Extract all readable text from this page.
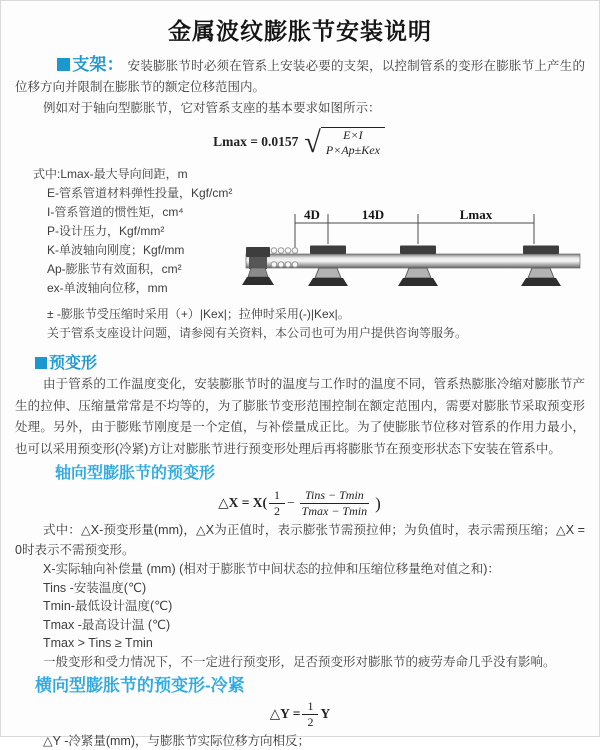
金属波纹膨胀节安装说明

支架： 安装膨胀节时必须在管系上安装必要的支架，以控制管系的变形在膨胀节上产生的位移方向并限制在膨胀节的额定位移范围内。

例如对于轴向型膨胀节，它对管系支座的基本要求如图所示：

Lmax = 0.0157 √	E×I
P×Ap±Kex
式中:Lmax-最大导向间距，m
E-管系管道材料弹性投量，Kgf/cm²
I-管系管道的惯性矩，cm⁴
P-设计压力，Kgf/mm²
K-单波轴向刚度；Kgf/mm
Ap-膨胀节有效面积，cm²
ex-单波轴向位移，mm
4D	14D	Lmax
± -膨胀节受压缩时采用（+）|Kex|；拉伸时采用(-)|Kex|。
关于管系支座设计问题，请参阅有关资料，本公司也可为用户提供咨询等服务。
预变形

由于管系的工作温度变化，安装膨胀节时的温度与工作时的温度不同，管系热膨胀冷缩对膨胀节产生的拉伸、压缩量常常是不均等的，为了膨胀节变形范围控制在额定范围内，需要对膨胀节采取预变形处理。另外，由于膨账节刚度是一个定值，与补偿量成正比。为了使膨胀节位移对管系的作用力最小，也可以采用预变形(冷紧)方让对膨胀节进行预变形处理后再将膨胀节在预变形状态下安装在管系中。

轴向型膨胀节的预变形
△X = $X( \frac{1}{2} - \frac{\text{Tins − Tmin}}{Tmax - Tmin}$ )

式中：△X-预变形量(mm)，△X为正值时，表示膨张节需预拉伸；为负值时，表示需预压缩；△X = 0时表示不需预变形。

X-实际轴向补偿量 (mm) (相对于膨胀节中间状态的拉伸和压缩位移量绝对值之和)：
Tins -安装温度(℃)
Tmin-最低设计温度(℃)
Tmax -最高设计温 (℃)
Tmax > Tins ≥ Tmin
一般变形和受力情况下，不一定进行预变形，足否预变形对膨胀节的疲劳寿命几乎没有影响。
横向型膨胀节的预变形-冷紧
△Y = $\frac{1}{2}$ Y
△Y -冷紧量(mm)，与膨胀节实际位移方向相反；
